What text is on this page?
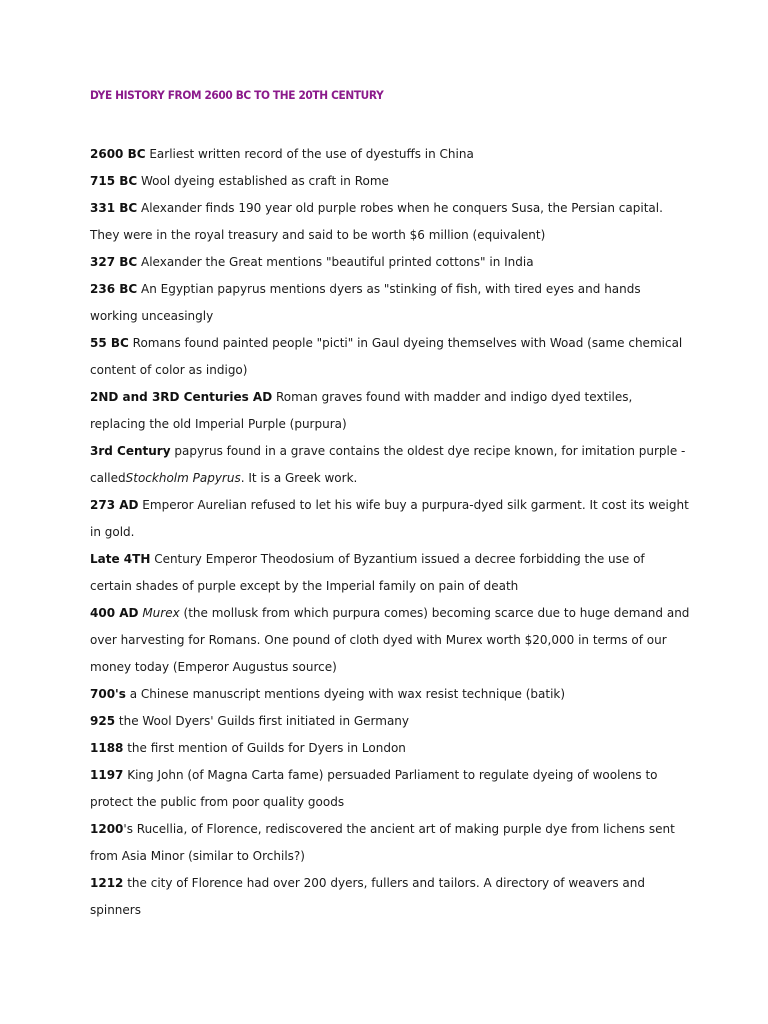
DYE HISTORY FROM 2600 BC TO THE 20TH CENTURY
2600 BC Earliest written record of the use of dyestuffs in China
715 BC Wool dyeing established as craft in Rome
331 BC Alexander finds 190 year old purple robes when he conquers Susa, the Persian capital. They were in the royal treasury and said to be worth $6 million (equivalent)
327 BC Alexander the Great mentions "beautiful printed cottons" in India
236 BC An Egyptian papyrus mentions dyers as "stinking of fish, with tired eyes and hands working unceasingly
55 BC Romans found painted people "picti" in Gaul dyeing themselves with Woad (same chemical content of color as indigo)
2ND and 3RD Centuries AD Roman graves found with madder and indigo dyed textiles, replacing the old Imperial Purple (purpura)
3rd Century papyrus found in a grave contains the oldest dye recipe known, for imitation purple - calledStockholm Papyrus. It is a Greek work.
273 AD Emperor Aurelian refused to let his wife buy a purpura-dyed silk garment. It cost its weight in gold.
Late 4TH Century Emperor Theodosium of Byzantium issued a decree forbidding the use of certain shades of purple except by the Imperial family on pain of death
400 AD Murex (the mollusk from which purpura comes) becoming scarce due to huge demand and over harvesting for Romans. One pound of cloth dyed with Murex worth $20,000 in terms of our money today (Emperor Augustus source)
700's a Chinese manuscript mentions dyeing with wax resist technique (batik)
925 the Wool Dyers' Guilds first initiated in Germany
1188 the first mention of Guilds for Dyers in London
1197 King John (of Magna Carta fame) persuaded Parliament to regulate dyeing of woolens to protect the public from poor quality goods
1200's Rucellia, of Florence, rediscovered the ancient art of making purple dye from lichens sent from Asia Minor (similar to Orchils?)
1212 the city of Florence had over 200 dyers, fullers and tailors. A directory of weavers and spinners
